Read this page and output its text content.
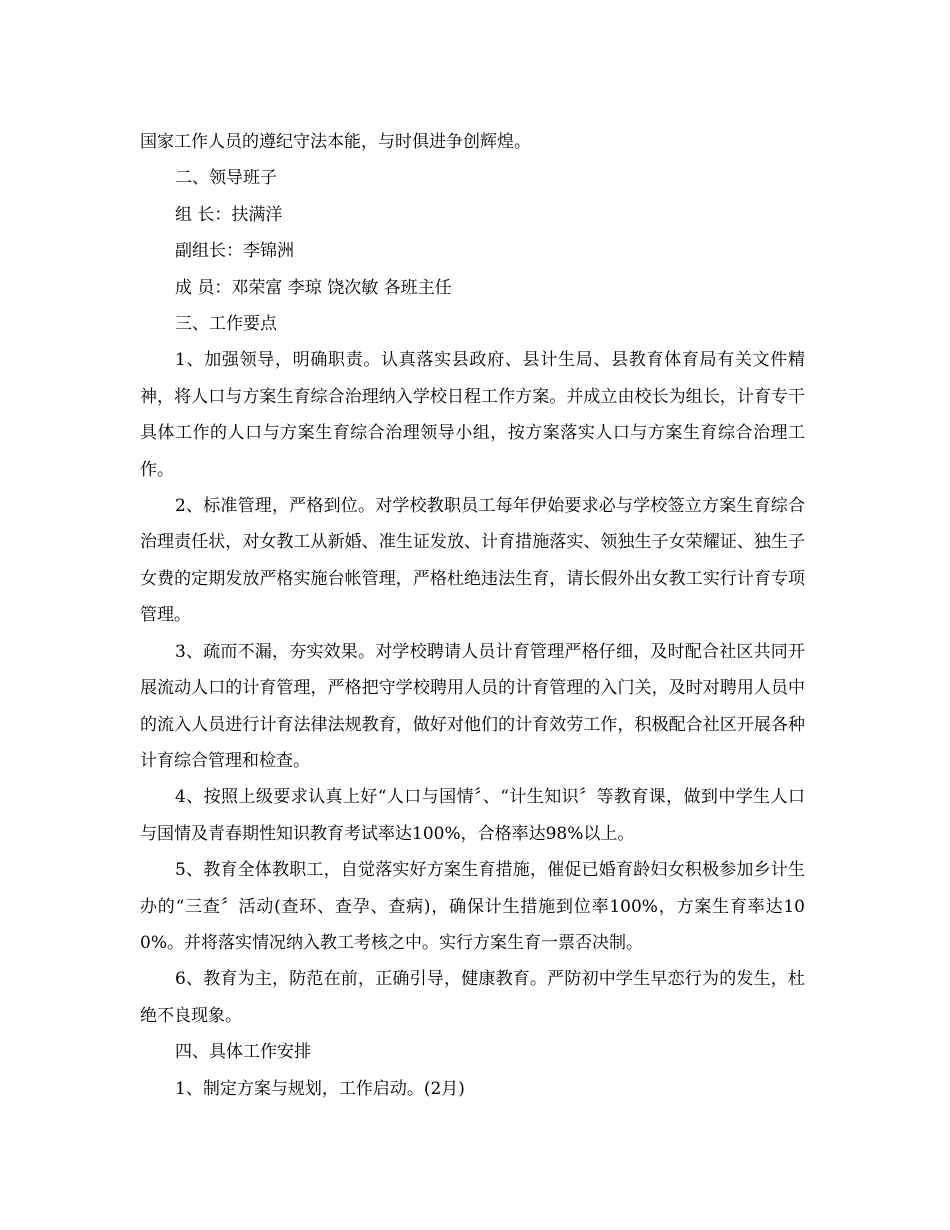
国家工作人员的遵纪守法本能，与时俱进争创辉煌。

二、领导班子

组 长：扶满洋

副组长：李锦洲

成 员：邓荣富 李琼 饶次敏 各班主任

三、工作要点

1、加强领导，明确职责。认真落实县政府、县计生局、县教育体育局有关文件精神，将人口与方案生育综合治理纳入学校日程工作方案。并成立由校长为组长，计育专干具体工作的人口与方案生育综合治理领导小组，按方案落实人口与方案生育综合治理工作。

2、标准管理，严格到位。对学校教职员工每年伊始要求必与学校签立方案生育综合治理责任状，对女教工从新婚、准生证发放、计育措施落实、领独生子女荣耀证、独生子女费的定期发放严格实施台帐管理，严格杜绝违法生育，请长假外出女教工实行计育专项管理。

3、疏而不漏，夯实效果。对学校聘请人员计育管理严格仔细，及时配合社区共同开展流动人口的计育管理，严格把守学校聘用人员的计育管理的入门关，及时对聘用人员中的流入人员进行计育法律法规教育，做好对他们的计育效劳工作，积极配合社区开展各种计育综合管理和检查。

4、按照上级要求认真上好“人口与国情〞、“计生知识〞等教育课，做到中学生人口与国情及青春期性知识教育考试率达100%，合格率达98%以上。

5、教育全体教职工，自觉落实好方案生育措施，催促已婚育龄妇女积极参加乡计生办的“三查〞活动(查环、查孕、查病)，确保计生措施到位率100%，方案生育率达100%。并将落实情况纳入教工考核之中。实行方案生育一票否决制。

6、教育为主，防范在前，正确引导，健康教育。严防初中学生早恋行为的发生，杜绝不良现象。

四、具体工作安排

1、制定方案与规划，工作启动。(2月)
